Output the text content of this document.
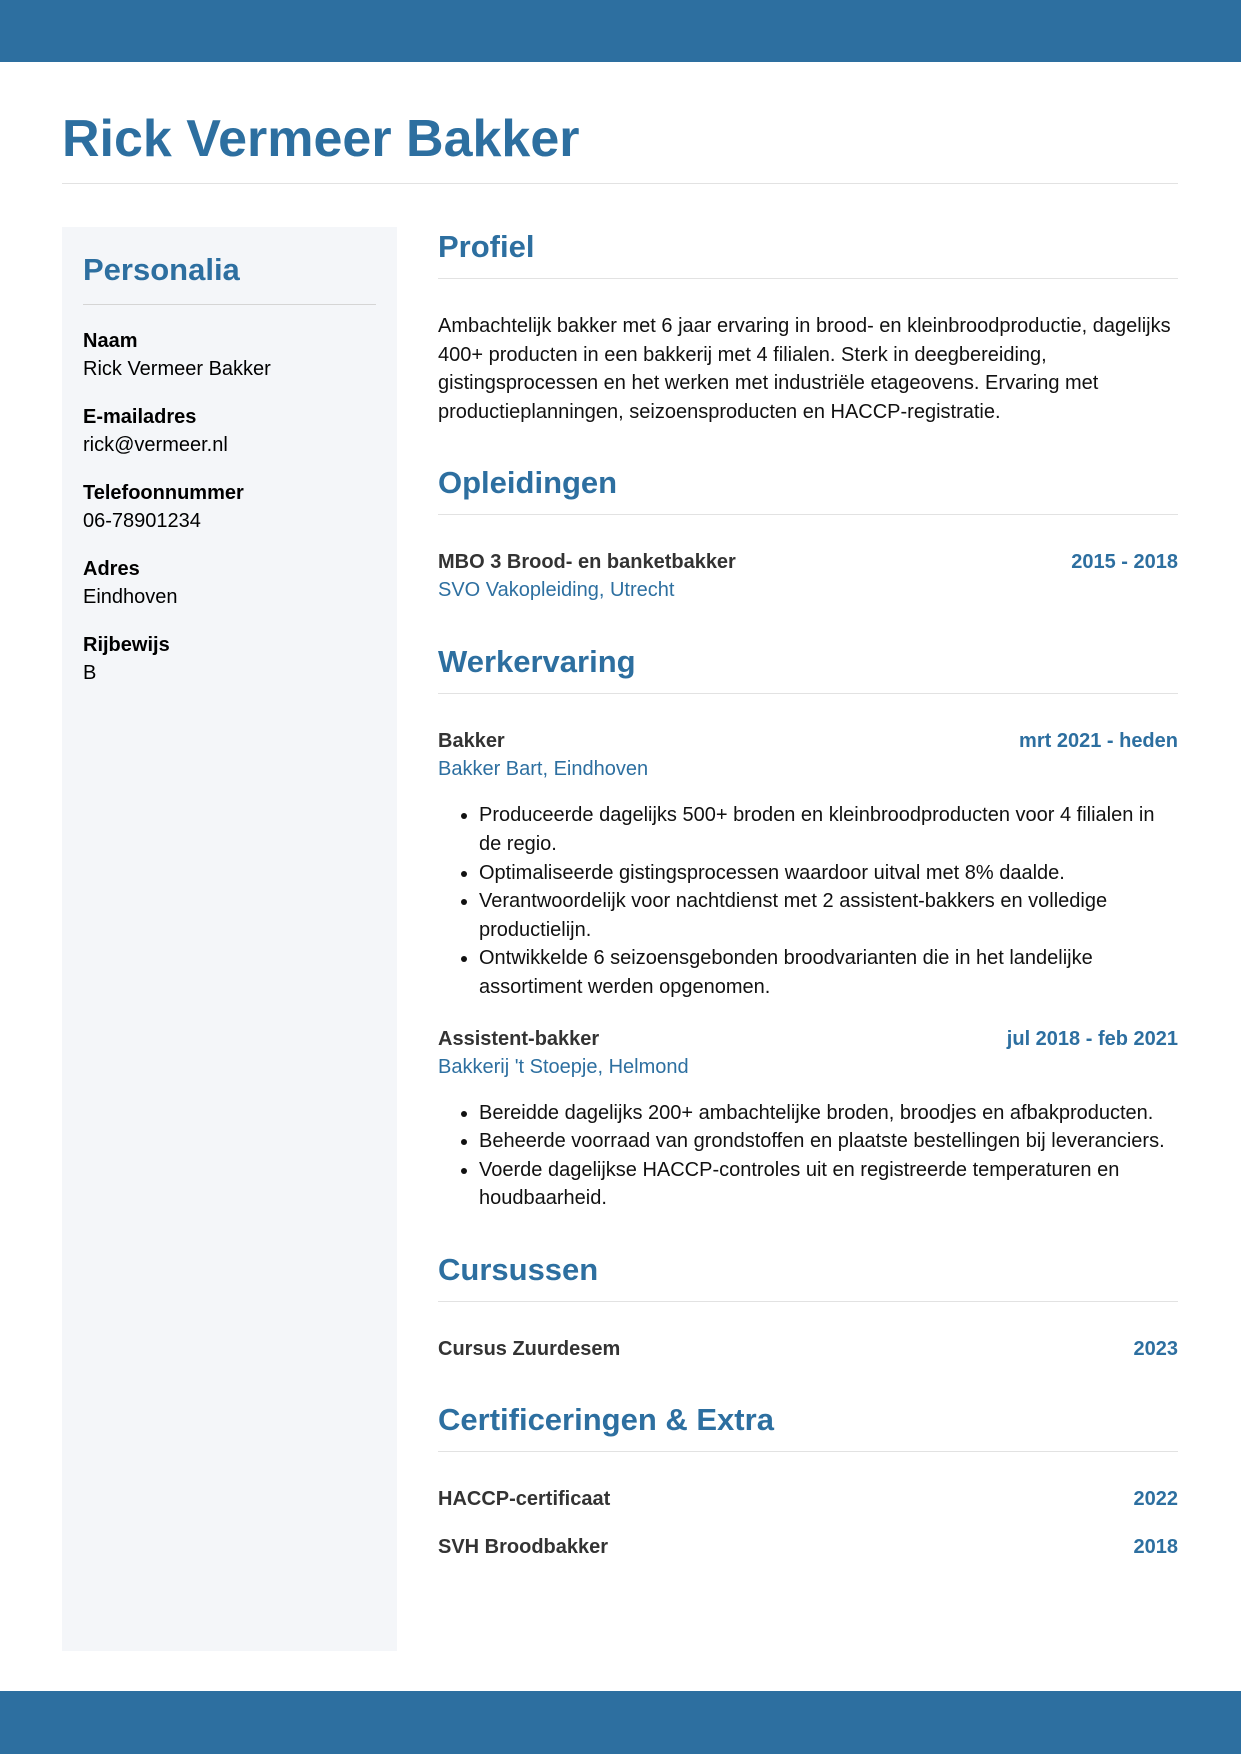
Rick Vermeer Bakker
Personalia
Naam
Rick Vermeer Bakker
E-mailadres
rick@vermeer.nl
Telefoonnummer
06-78901234
Adres
Eindhoven
Rijbewijs
B
Profiel

Ambachtelijk bakker met 6 jaar ervaring in brood- en kleinbroodproductie, dagelijks 400+ producten in een bakkerij met 4 filialen. Sterk in deegbereiding, gistingsprocessen en het werken met industriële etageovens. Ervaring met productieplanningen, seizoensproducten en HACCP-registratie.

Opleidingen
MBO 3 Brood- en banketbakker	2015 - 2018
SVO Vakopleiding, Utrecht
Werkervaring
Bakker	mrt 2021 - heden
Bakker Bart, Eindhoven
• Produceerde dagelijks 500+ broden en kleinbroodproducten voor 4 filialen in de regio.
• Optimaliseerde gistingsprocessen waardoor uitval met 8% daalde.
• Verantwoordelijk voor nachtdienst met 2 assistent-bakkers en volledige productielijn.
• Ontwikkelde 6 seizoensgebonden broodvarianten die in het landelijke assortiment werden opgenomen.
Assistent-bakker	jul 2018 - feb 2021
Bakkerij 't Stoepje, Helmond
• Bereidde dagelijks 200+ ambachtelijke broden, broodjes en afbakproducten.
• Beheerde voorraad van grondstoffen en plaatste bestellingen bij leveranciers.
• Voerde dagelijkse HACCP-controles uit en registreerde temperaturen en houdbaarheid.
Cursussen
Cursus Zuurdesem	2023
Certificeringen & Extra
HACCP-certificaat	2022
SVH Broodbakker	2018
